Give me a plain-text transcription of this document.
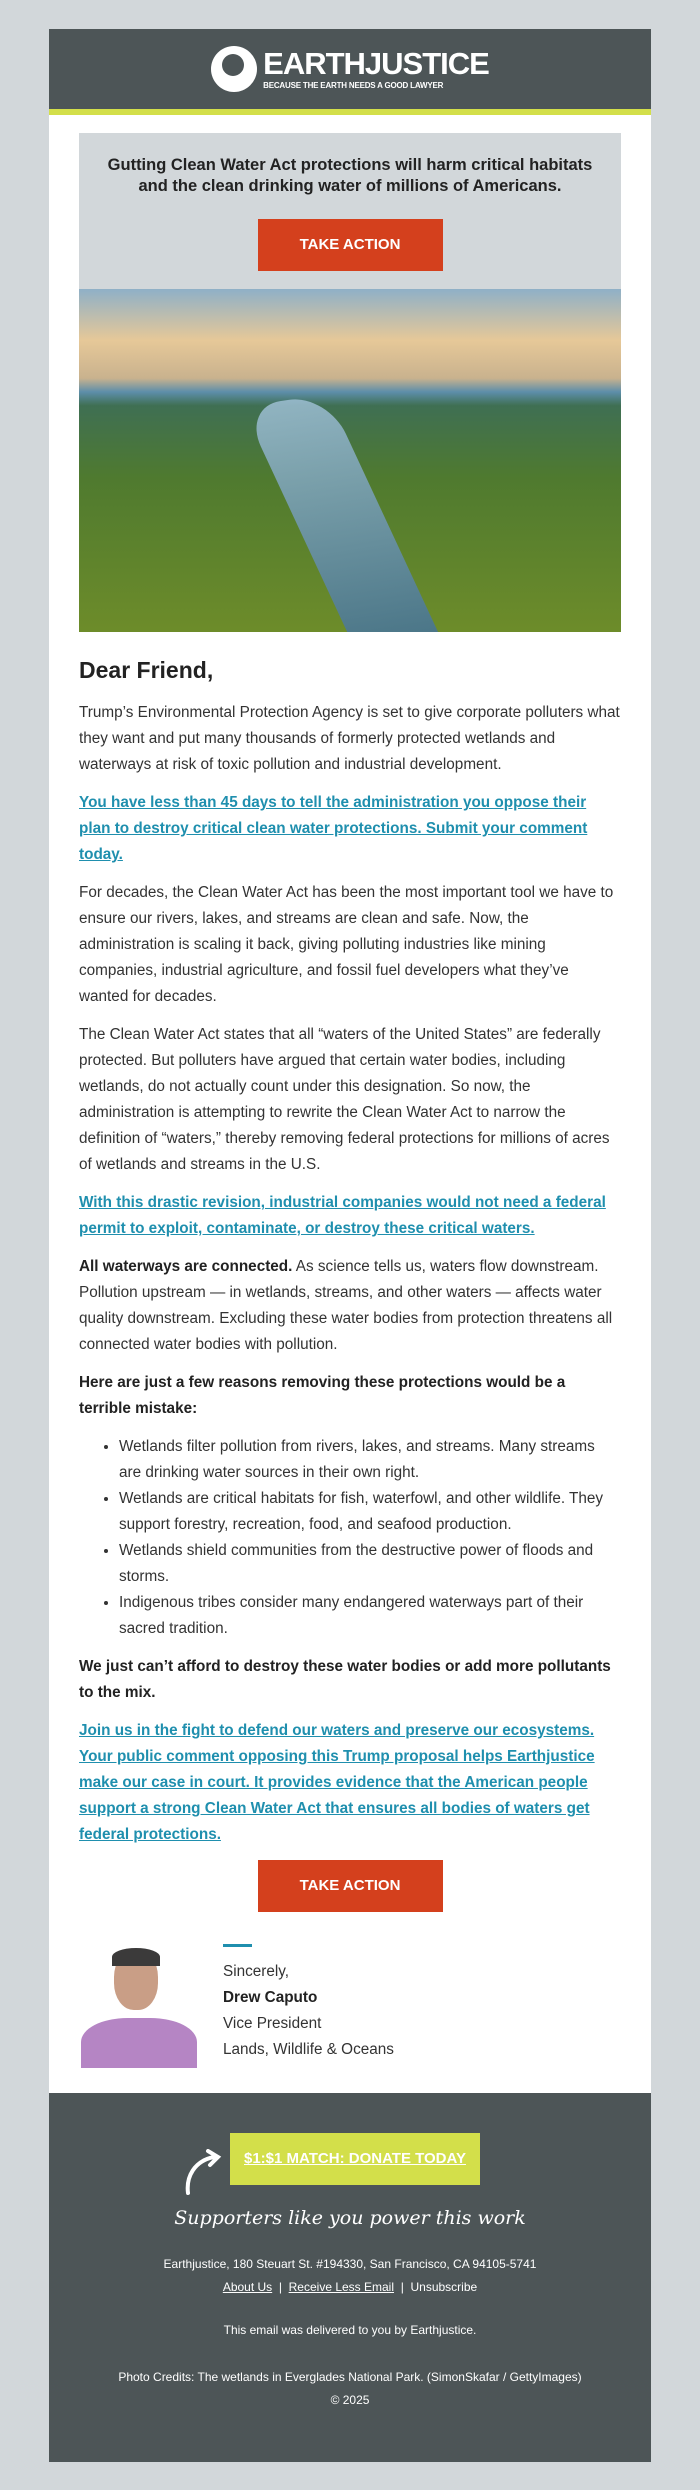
EARTHJUSTICE
BECAUSE THE EARTH NEEDS A GOOD LAWYER
Gutting Clean Water Act protections will harm critical habitats and the clean drinking water of millions of Americans.
TAKE ACTION
Dear Friend,

Trump’s Environmental Protection Agency is set to give corporate polluters what they want and put many thousands of formerly protected wetlands and waterways at risk of toxic pollution and industrial development.

You have less than 45 days to tell the administration you oppose their plan to destroy critical clean water protections. Submit your comment today.

For decades, the Clean Water Act has been the most important tool we have to ensure our rivers, lakes, and streams are clean and safe. Now, the administration is scaling it back, giving polluting industries like mining companies, industrial agriculture, and fossil fuel developers what they’ve wanted for decades.

The Clean Water Act states that all “waters of the United States” are federally protected. But polluters have argued that certain water bodies, including wetlands, do not actually count under this designation. So now, the administration is attempting to rewrite the Clean Water Act to narrow the definition of “waters,” thereby removing federal protections for millions of acres of wetlands and streams in the U.S.

With this drastic revision, industrial companies would not need a federal permit to exploit, contaminate, or destroy these critical waters.

All waterways are connected. As science tells us, waters flow downstream. Pollution upstream — in wetlands, streams, and other waters — affects water quality downstream. Excluding these water bodies from protection threatens all connected water bodies with pollution.

Here are just a few reasons removing these protections would be a terrible mistake:

• Wetlands filter pollution from rivers, lakes, and streams. Many streams are drinking water sources in their own right.
• Wetlands are critical habitats for fish, waterfowl, and other wildlife. They support forestry, recreation, food, and seafood production.
• Wetlands shield communities from the destructive power of floods and storms.
• Indigenous tribes consider many endangered waterways part of their sacred tradition.

We just can’t afford to destroy these water bodies or add more pollutants to the mix.

Join us in the fight to defend our waters and preserve our ecosystems. Your public comment opposing this Trump proposal helps Earthjustice make our case in court. It provides evidence that the American people support a strong Clean Water Act that ensures all bodies of waters get federal protections.

TAKE ACTION
Sincerely,
Drew Caputo
Vice President
Lands, Wildlife & Oceans
$1:$1 MATCH: DONATE TODAY
Supporters like you power this work
Earthjustice, 180 Steuart St. #194330, San Francisco, CA 94105-5741
About Us | Receive Less Email | Unsubscribe
This email was delivered to you by Earthjustice.
Photo Credits: The wetlands in Everglades National Park. (SimonSkafar / GettyImages)
© 2025
